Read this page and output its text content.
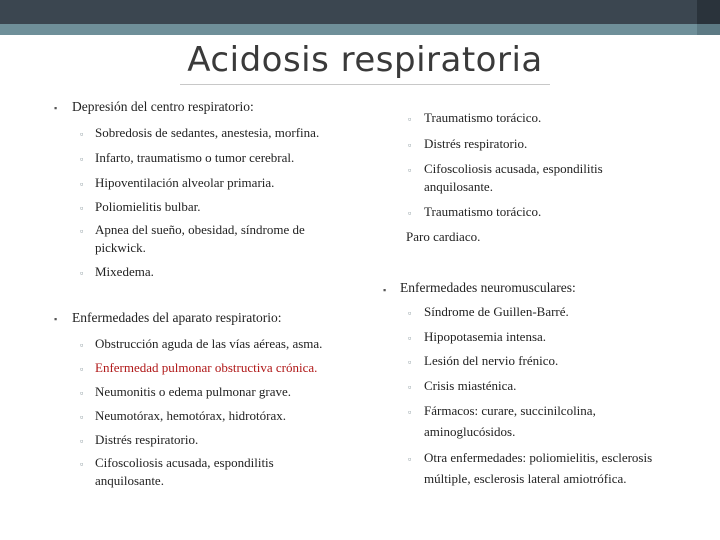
Acidosis respiratoria
▪ Depresión del centro respiratorio:
▫ Sobredosis de sedantes, anestesia, morfina.
▫ Infarto, traumatismo o tumor cerebral.
▫ Hipoventilación alveolar primaria.
▫ Poliomielitis bulbar.
▫ Apnea del sueño, obesidad, síndrome de
pickwick.
▫ Mixedema.
▪ Enfermedades del aparato respiratorio:
▫ Obstrucción aguda de las vías aéreas, asma.
▫ Enfermedad pulmonar obstructiva crónica.
▫ Neumonitis o edema pulmonar grave.
▫ Neumotórax, hemotórax, hidrotórax.
▫ Distrés respiratorio.
▫ Cifoscoliosis acusada, espondilitis
anquilosante.
▫ Traumatismo torácico.
▫ Distrés respiratorio.
▫ Cifoscoliosis acusada, espondilitis
anquilosante.
▫ Traumatismo torácico.
Paro cardiaco.
▪ Enfermedades neuromusculares:
▫ Síndrome de Guillen-Barré.
▫ Hipopotasemia intensa.
▫ Lesión del nervio frénico.
▫ Crisis miasténica.
▫ Fármacos: curare, succinilcolina,
aminoglucósidos.
▫ Otra enfermedades: poliomielitis, esclerosis
múltiple, esclerosis lateral amiotrófica.
